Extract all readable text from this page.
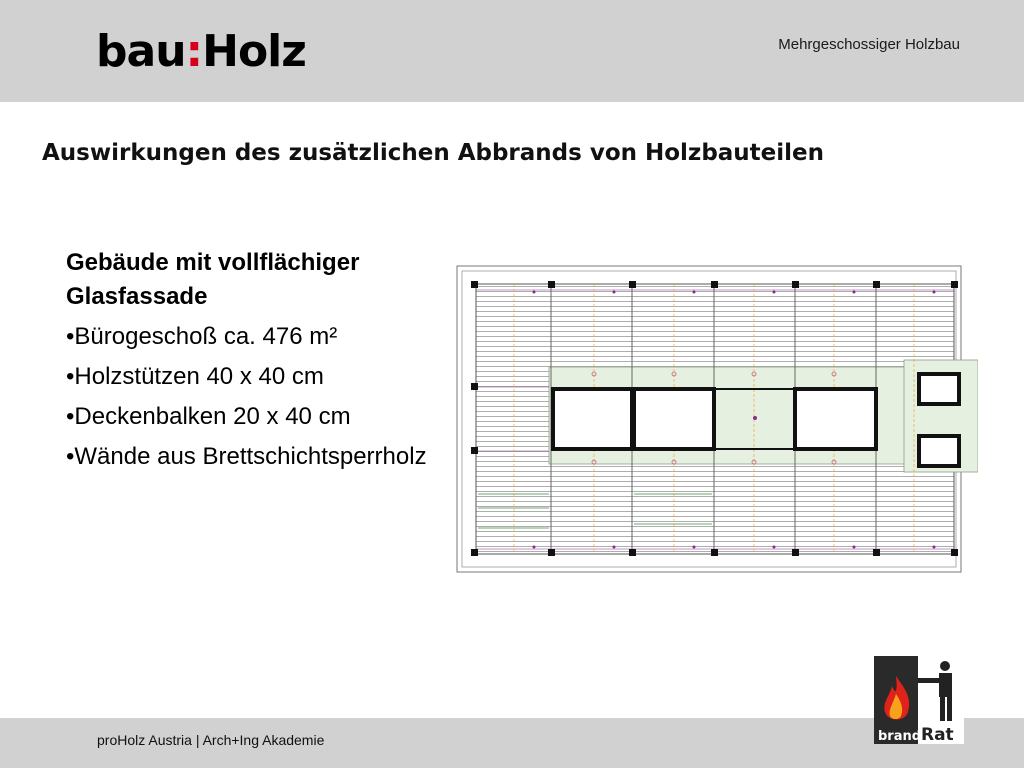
bau:Holz	Mehrgeschossiger Holzbau
Auswirkungen des zusätzlichen Abbrands von Holzbauteilen
Gebäude mit vollflächiger
Glasfassade
•Bürogeschoß ca. 476 m²
•Holzstützen 40 x 40 cm
•Deckenbalken 20 x 40 cm
•Wände aus Brettschichtsperrholz
proHolz Austria | Arch+Ing Akademie	brand Rat
